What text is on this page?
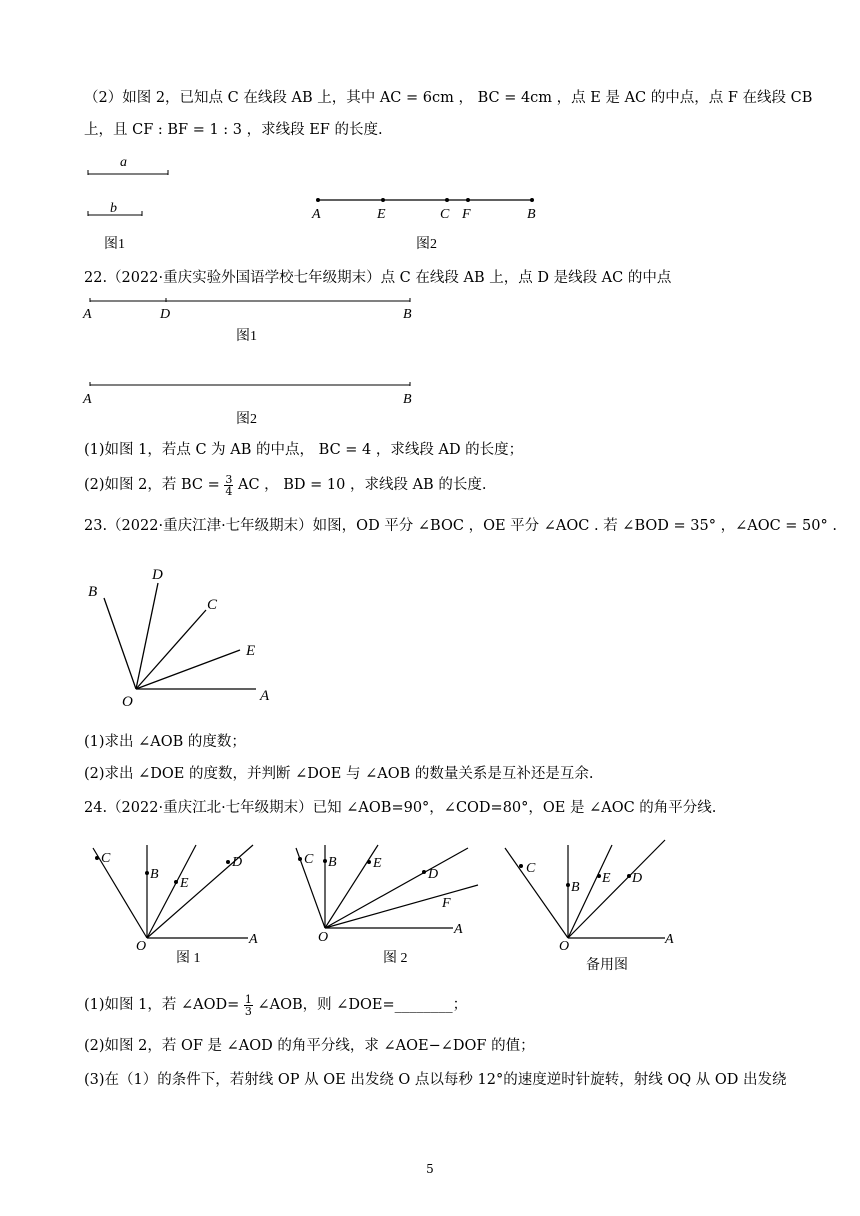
（2）如图 2，已知点 C 在线段 AB 上，其中 AC = 6cm ， BC = 4cm ，点 E 是 AC 的中点，点 F 在线段 CB
上，且 CF : BF = 1 : 3 ，求线段 EF 的长度.
a
b
图1
A	E	C F	B
图2
22.（2022·重庆实验外国语学校七年级期末）点 C 在线段 AB 上，点 D 是线段 AC 的中点
A	D	B
图1
A	B
图2
(1)如图 1，若点 C 为 AB 的中点， BC = 4 ，求线段 AD 的长度；
(2)如图 2，若 BC = $\frac{3}{4}$ AC ， BD = 10 ，求线段 AB 的长度.
23.（2022·重庆江津·七年级期末）如图，OD 平分 ∠BOC ，OE 平分 ∠AOC . 若 ∠BOD = 35° ，∠AOC = 50° .
B
D
C
E
O	A
(1)求出 ∠AOB 的度数；
(2)求出 ∠DOE 的度数，并判断 ∠DOE 与 ∠AOB 的数量关系是互补还是互余.
24.（2022·重庆江北·七年级期末）已知 ∠AOB=90°，∠COD=80°，OE 是 ∠AOC 的角平分线.
C
B
E
D
O	A
图 1
C B	E
D
F
O
A
图 2
C
B
E D
O	A
备用图
(1)如图 1，若 ∠AOD= $\frac{1}{3}$ ∠AOB，则 ∠DOE=________；
(2)如图 2，若 OF 是 ∠AOD 的角平分线，求 ∠AOE−∠DOF 的值；
(3)在（1）的条件下，若射线 OP 从 OE 出发绕 O 点以每秒 12°的速度逆时针旋转，射线 OQ 从 OD 出发绕
5
